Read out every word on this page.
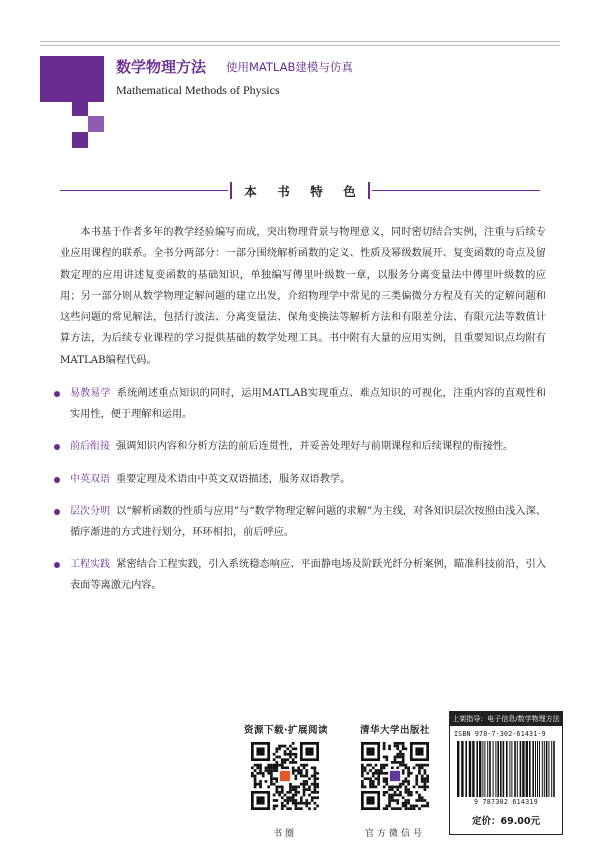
数学物理方法 使用MATLAB建模与仿真
Mathematical Methods of Physics
本 书 特 色

本书基于作者多年的教学经验编写而成，突出物理背景与物理意义，同时密切结合实例，注重与后续专业应用课程的联系。全书分两部分：一部分围绕解析函数的定义、性质及幂级数展开、复变函数的奇点及留数定理的应用讲述复变函数的基础知识，单独编写傅里叶级数一章，以服务分离变量法中傅里叶级数的应用；另一部分则从数学物理定解问题的建立出发，介绍物理学中常见的三类偏微分方程及有关的定解问题和这些问题的常见解法，包括行波法、分离变量法、保角变换法等解析方法和有限差分法、有限元法等数值计算方法，为后续专业课程的学习提供基础的数学处理工具。书中附有大量的应用实例，且重要知识点均附有MATLAB编程代码。

易教易学 系统阐述重点知识的同时，运用MATLAB实现重点、难点知识的可视化，注重内容的直观性和实用性，便于理解和运用。
前后衔接 强调知识内容和分析方法的前后连贯性，并妥善处理好与前期课程和后续课程的衔接性。
中英双语 重要定理及术语由中英文双语描述，服务双语教学。
层次分明 以“解析函数的性质与应用”与“数学物理定解问题的求解”为主线，对各知识层次按照由浅入深、循序渐进的方式进行划分，环环相扣，前后呼应。
工程实践 紧密结合工程实践，引入系统稳态响应、平面静电场及阶跃光纤分析案例，瞄准科技前沿，引入表面等离激元内容。
资源下载·扩展阅读
书圈
清华大学出版社
官方微信号
上架指导：电子信息/数学物理方法
ISBN 978-7-302-61431-9
9 787302 614319
定价：69.00元
